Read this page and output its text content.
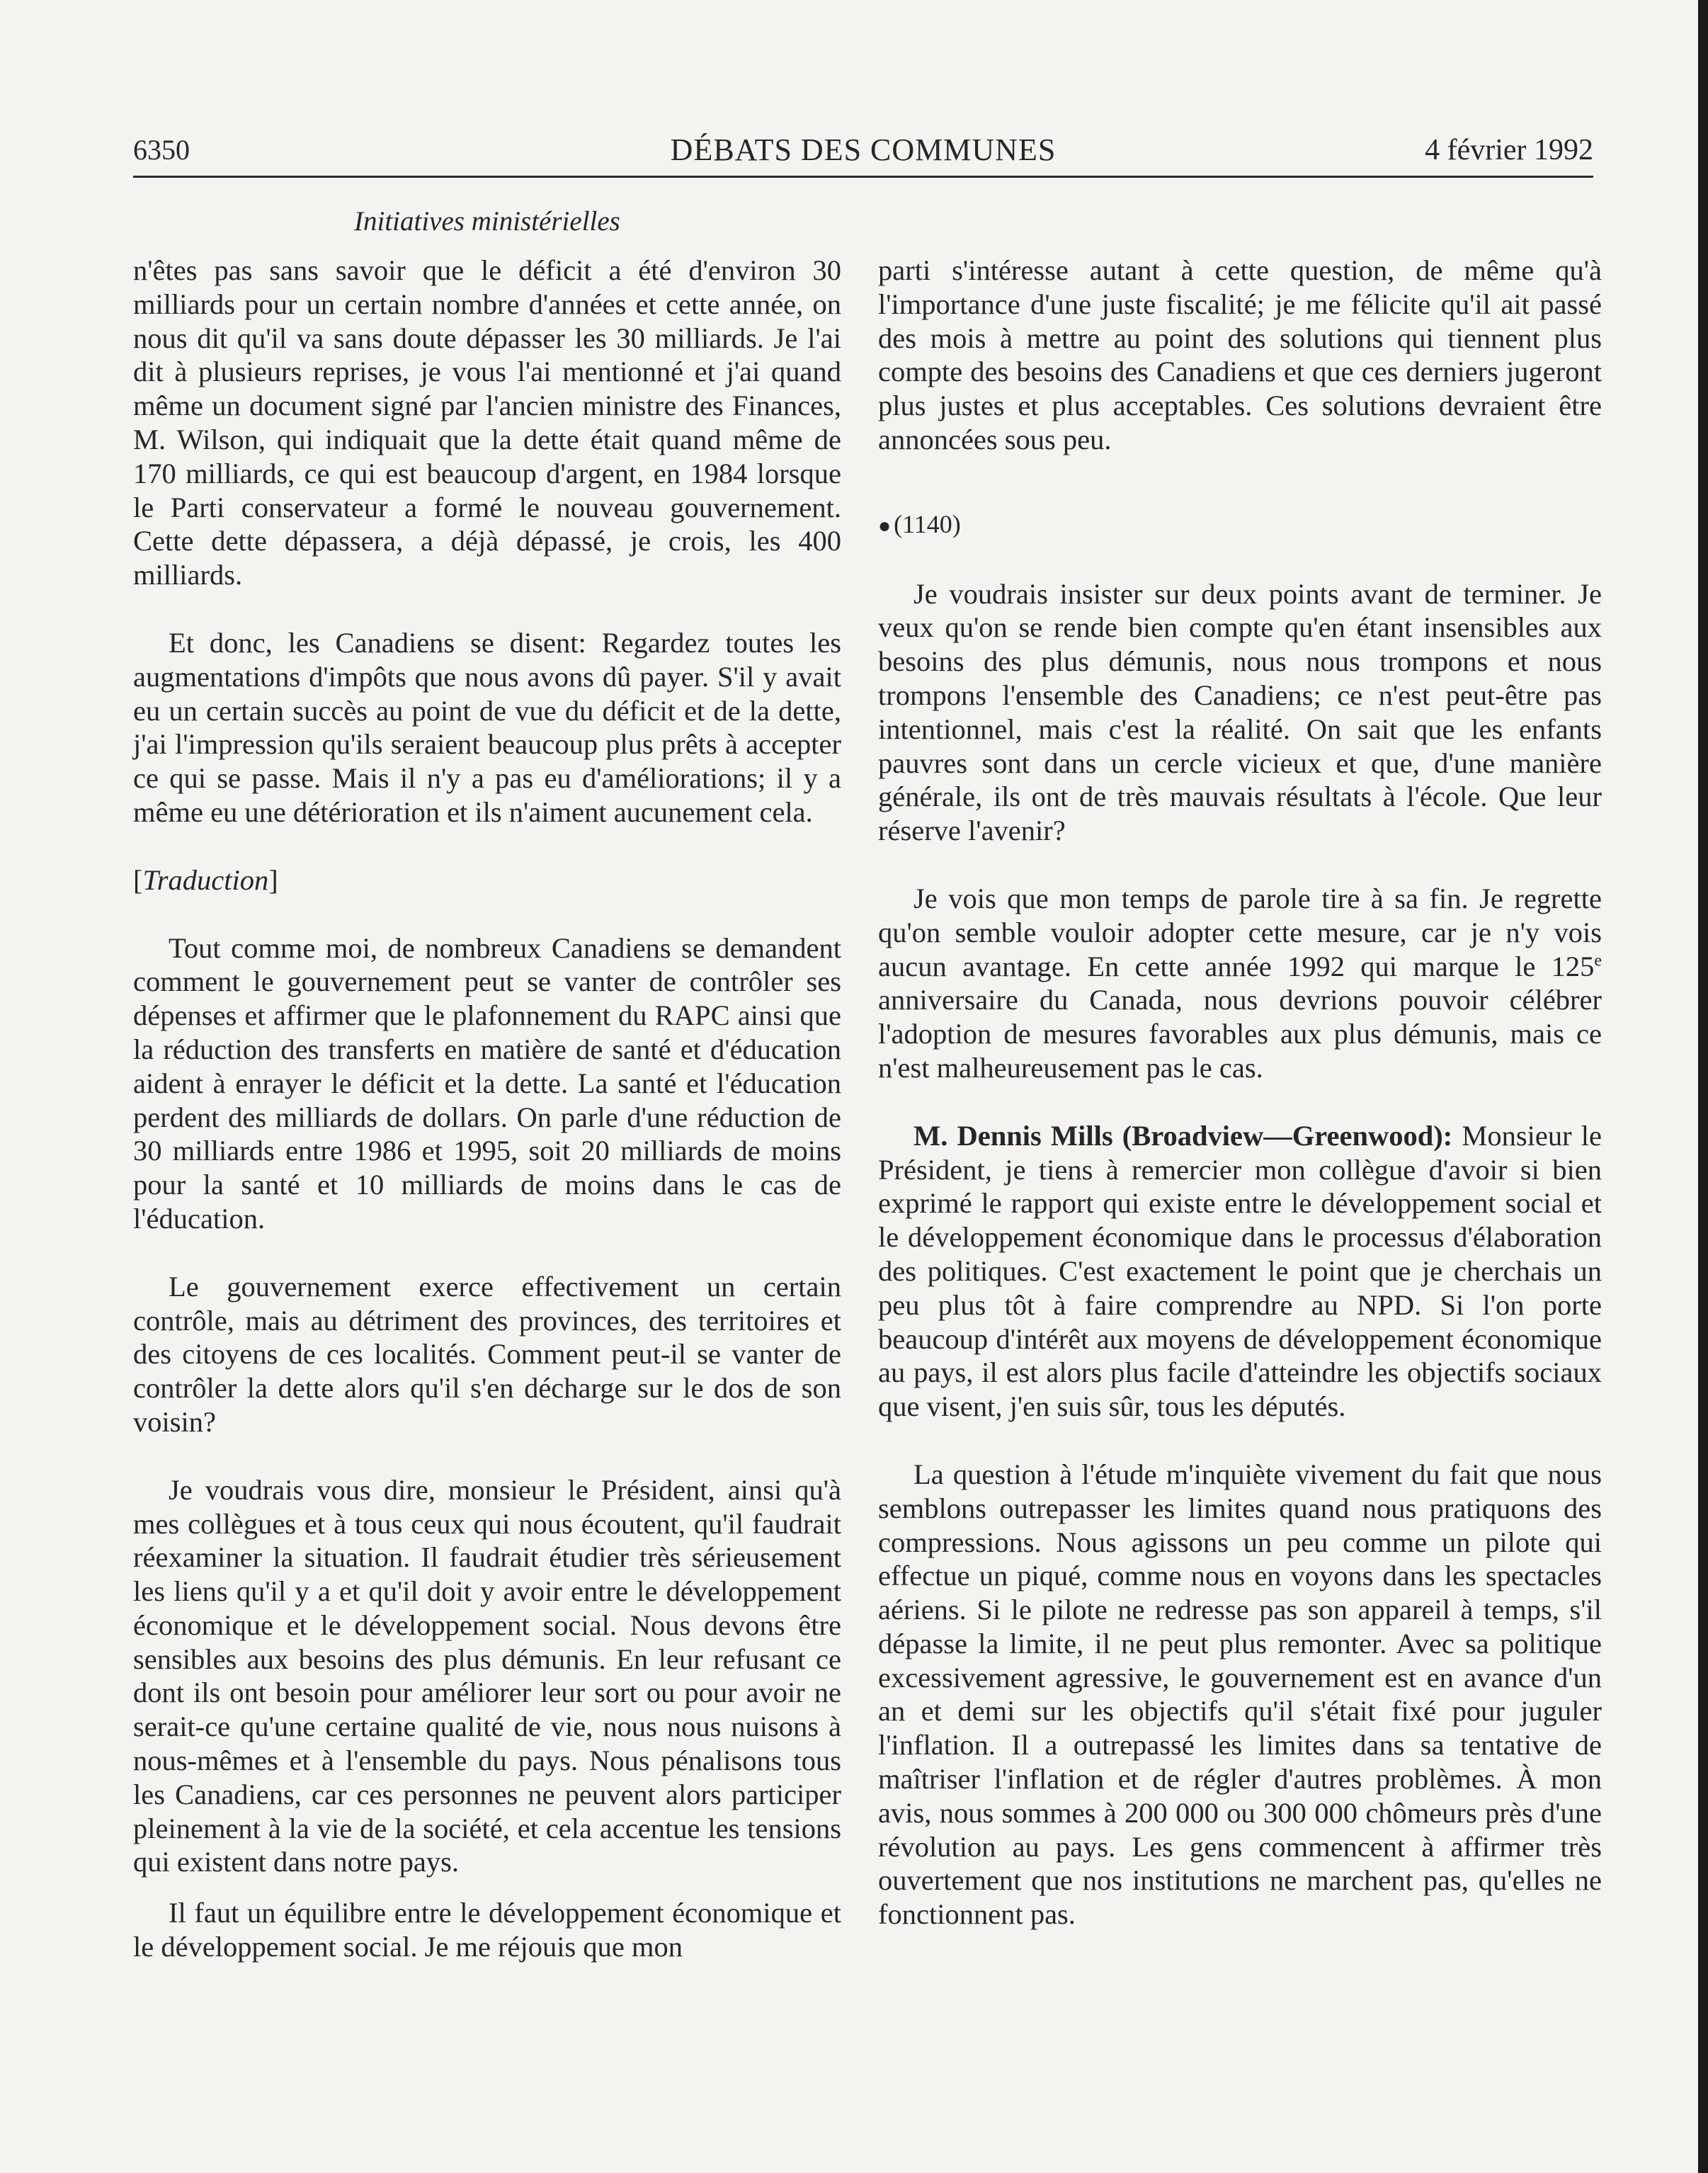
6350	DÉBATS DES COMMUNES	4 février 1992
Initiatives ministérielles

n'êtes pas sans savoir que le déficit a été d'environ 30 milliards pour un certain nombre d'années et cette année, on nous dit qu'il va sans doute dépasser les 30 milliards. Je l'ai dit à plusieurs reprises, je vous l'ai mentionné et j'ai quand même un document signé par l'ancien ministre des Finances, M. Wilson, qui indiquait que la dette était quand même de 170 milliards, ce qui est beaucoup d'argent, en 1984 lorsque le Parti conservateur a formé le nouveau gouvernement. Cette dette dépassera, a déjà dépassé, je crois, les 400 milliards.

Et donc, les Canadiens se disent: Regardez toutes les augmentations d'impôts que nous avons dû payer. S'il y avait eu un certain succès au point de vue du déficit et de la dette, j'ai l'impression qu'ils seraient beaucoup plus prêts à accepter ce qui se passe. Mais il n'y a pas eu d'améliorations; il y a même eu une détérioration et ils n'aiment aucunement cela.

[Traduction]

Tout comme moi, de nombreux Canadiens se demandent comment le gouvernement peut se vanter de contrôler ses dépenses et affirmer que le plafonnement du RAPC ainsi que la réduction des transferts en matière de santé et d'éducation aident à enrayer le déficit et la dette. La santé et l'éducation perdent des milliards de dollars. On parle d'une réduction de 30 milliards entre 1986 et 1995, soit 20 milliards de moins pour la santé et 10 milliards de moins dans le cas de l'éducation.

Le gouvernement exerce effectivement un certain contrôle, mais au détriment des provinces, des territoires et des citoyens de ces localités. Comment peut-il se vanter de contrôler la dette alors qu'il s'en décharge sur le dos de son voisin?

Je voudrais vous dire, monsieur le Président, ainsi qu'à mes collègues et à tous ceux qui nous écoutent, qu'il faudrait réexaminer la situation. Il faudrait étudier très sérieusement les liens qu'il y a et qu'il doit y avoir entre le développement économique et le développement social. Nous devons être sensibles aux besoins des plus démunis. En leur refusant ce dont ils ont besoin pour améliorer leur sort ou pour avoir ne serait-ce qu'une certaine qualité de vie, nous nous nuisons à nous-mêmes et à l'ensemble du pays. Nous pénalisons tous les Canadiens, car ces personnes ne peuvent alors participer pleinement à la vie de la société, et cela accentue les tensions qui existent dans notre pays.

Il faut un équilibre entre le développement économique et le développement social. Je me réjouis que mon

parti s'intéresse autant à cette question, de même qu'à l'importance d'une juste fiscalité; je me félicite qu'il ait passé des mois à mettre au point des solutions qui tiennent plus compte des besoins des Canadiens et que ces derniers jugeront plus justes et plus acceptables. Ces solutions devraient être annoncées sous peu.

● (1140)

Je voudrais insister sur deux points avant de terminer. Je veux qu'on se rende bien compte qu'en étant insensibles aux besoins des plus démunis, nous nous trompons et nous trompons l'ensemble des Canadiens; ce n'est peut-être pas intentionnel, mais c'est la réalité. On sait que les enfants pauvres sont dans un cercle vicieux et que, d'une manière générale, ils ont de très mauvais résultats à l'école. Que leur réserve l'avenir?

Je vois que mon temps de parole tire à sa fin. Je regrette qu'on semble vouloir adopter cette mesure, car je n'y vois aucun avantage. En cette année 1992 qui marque le 125e anniversaire du Canada, nous devrions pouvoir célébrer l'adoption de mesures favorables aux plus démunis, mais ce n'est malheureusement pas le cas.

M. Dennis Mills (Broadview—Greenwood): Monsieur le Président, je tiens à remercier mon collègue d'avoir si bien exprimé le rapport qui existe entre le développement social et le développement économique dans le processus d'élaboration des politiques. C'est exactement le point que je cherchais un peu plus tôt à faire comprendre au NPD. Si l'on porte beaucoup d'intérêt aux moyens de développement économique au pays, il est alors plus facile d'atteindre les objectifs sociaux que visent, j'en suis sûr, tous les députés.

La question à l'étude m'inquiète vivement du fait que nous semblons outrepasser les limites quand nous pratiquons des compressions. Nous agissons un peu comme un pilote qui effectue un piqué, comme nous en voyons dans les spectacles aériens. Si le pilote ne redresse pas son appareil à temps, s'il dépasse la limite, il ne peut plus remonter. Avec sa politique excessivement agressive, le gouvernement est en avance d'un an et demi sur les objectifs qu'il s'était fixé pour juguler l'inflation. Il a outrepassé les limites dans sa tentative de maîtriser l'inflation et de régler d'autres problèmes. À mon avis, nous sommes à 200 000 ou 300 000 chômeurs près d'une révolution au pays. Les gens commencent à affirmer très ouvertement que nos institutions ne marchent pas, qu'elles ne fonctionnent pas.
